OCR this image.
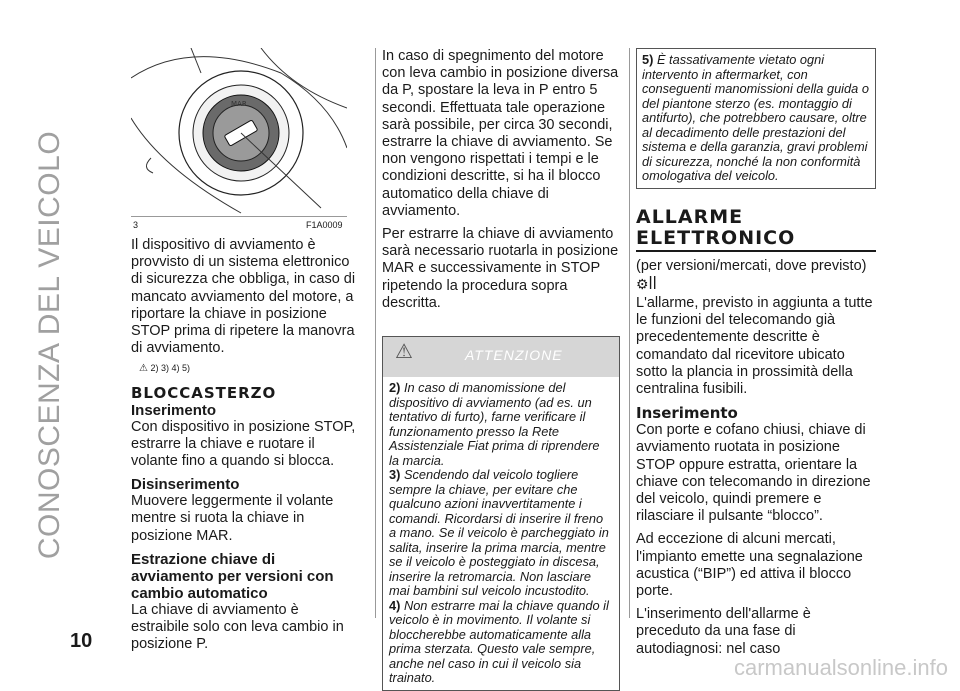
CONOSCENZA DEL VEICOLO
MAR
3	F1A0009

Il dispositivo di avviamento è provvisto di un sistema elettronico di sicurezza che obbliga, in caso di mancato avviamento del motore, a riportare la chiave in posizione STOP prima di ripetere la manovra di avviamento.

⚠ 2) 3) 4) 5)

BLOCCASTERZO

Inserimento

Con dispositivo in posizione STOP, estrarre la chiave e ruotare il volante fino a quando si blocca.

Disinserimento

Muovere leggermente il volante mentre si ruota la chiave in posizione MAR.

Estrazione chiave di avviamento per versioni con cambio automatico

La chiave di avviamento è estraibile solo con leva cambio in posizione P.

In caso di spegnimento del motore con leva cambio in posizione diversa da P, spostare la leva in P entro 5 secondi. Effettuata tale operazione sarà possibile, per circa 30 secondi, estrarre la chiave di avviamento. Se non vengono rispettati i tempi e le condizioni descritte, si ha il blocco automatico della chiave di avviamento.

Per estrarre la chiave di avviamento sarà necessario ruotarla in posizione MAR e successivamente in STOP ripetendo la procedura sopra descritta.

⚠	ATTENZIONE

2) In caso di manomissione del dispositivo di avviamento (ad es. un tentativo di furto), farne verificare il funzionamento presso la Rete Assistenziale Fiat prima di riprendere la marcia.

3) Scendendo dal veicolo togliere sempre la chiave, per evitare che qualcuno azioni inavvertitamente i comandi. Ricordarsi di inserire il freno a mano. Se il veicolo è parcheggiato in salita, inserire la prima marcia, mentre se il veicolo è posteggiato in discesa, inserire la retromarcia. Non lasciare mai bambini sul veicolo incustodito.

4) Non estrarre mai la chiave quando il veicolo è in movimento. Il volante si bloccherebbe automaticamente alla prima sterzata. Questo vale sempre, anche nel caso in cui il veicolo sia trainato.

5) È tassativamente vietato ogni intervento in aftermarket, con conseguenti manomissioni della guida o del piantone sterzo (es. montaggio di antifurto), che potrebbero causare, oltre al decadimento delle prestazioni del sistema e della garanzia, gravi problemi di sicurezza, nonché la non conformità omologativa del veicolo.

ALLARME

ELETTRONICO

(per versioni/mercati, dove previsto)

⚙ꟾꟾ

L'allarme, previsto in aggiunta a tutte le funzioni del telecomando già precedentemente descritte è comandato dal ricevitore ubicato sotto la plancia in prossimità della centralina fusibili.

Inserimento

Con porte e cofano chiusi, chiave di avviamento ruotata in posizione STOP oppure estratta, orientare la chiave con telecomando in direzione del veicolo, quindi premere e rilasciare il pulsante “blocco”.

Ad eccezione di alcuni mercati, l'impianto emette una segnalazione acustica (“BIP”) ed attiva il blocco porte.

L'inserimento dell'allarme è preceduto da una fase di autodiagnosi: nel caso

10
carmanualsonline.info
